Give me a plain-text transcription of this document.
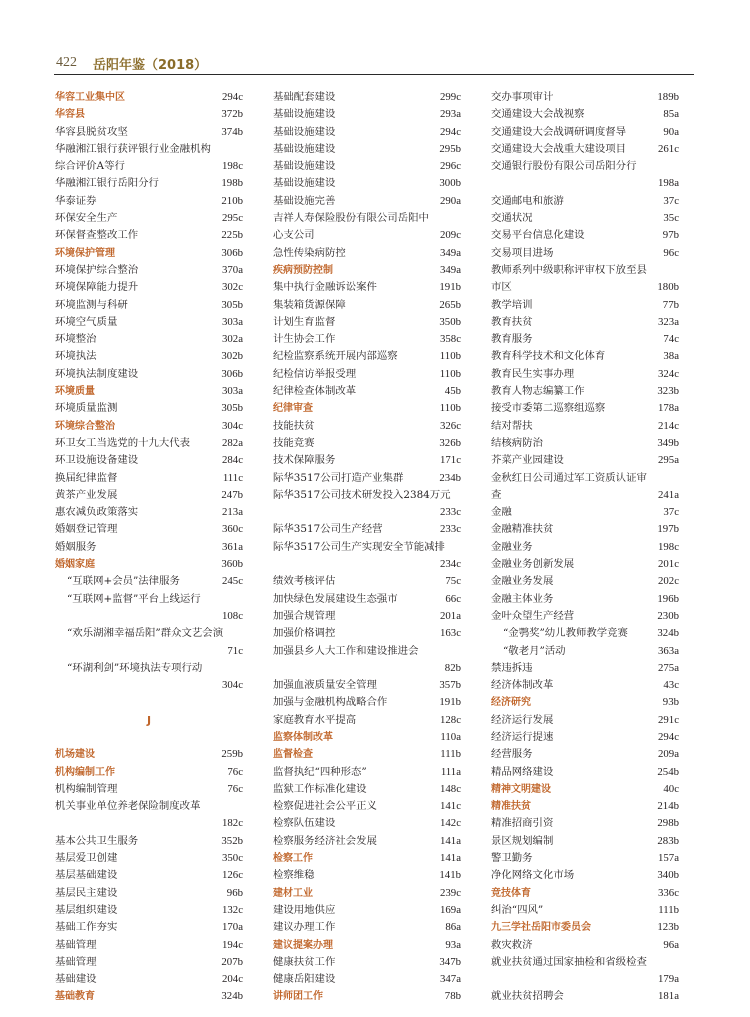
422 岳阳年鉴（2018）
华容工业集中区	294c
华容县	372b
华容县脱贫攻坚	374b
华融湘江银行获评银行业金融机构
综合评价A等行	198c
华融湘江银行岳阳分行	198b
华泰证券	210b
环保安全生产	295c
环保督查整改工作	225b
环境保护管理	306b
环境保护综合整治	370a
环境保障能力提升	302c
环境监测与科研	305b
环境空气质量	303a
环境整治	302a
环境执法	302b
环境执法制度建设	306b
环境质量	303a
环境质量监测	305b
环境综合整治	304c
环卫女工当选党的十九大代表	282a
环卫设施设备建设	284c
换届纪律监督	111c
黄茶产业发展	247b
惠农减负政策落实	213a
婚姻登记管理	360c
婚姻服务	361a
婚姻家庭	360b
“互联网+会员”法律服务	245c
“互联网+监督”平台上线运行
108c
“欢乐湖湘幸福岳阳”群众文艺会演
71c
“环湖利剑”环境执法专项行动
304c
J
机场建设	259b
机构编制工作	76c
机构编制管理	76c
机关事业单位养老保险制度改革
182c
基本公共卫生服务	352b
基层爱卫创建	350c
基层基础建设	126c
基层民主建设	96b
基层组织建设	132c
基础工作夯实	170a
基础管理	194c
基础管理	207b
基础建设	204c
基础教育	324b
基础配套建设	299c
基础设施建设	293a
基础设施建设	294c
基础设施建设	295b
基础设施建设	296c
基础设施建设	300b
基础设施完善	290a
吉祥人寿保险股份有限公司岳阳中
心支公司	209c
急性传染病防控	349a
疾病预防控制	349a
集中执行金融诉讼案件	191b
集装箱货源保障	265b
计划生育监督	350b
计生协会工作	358c
纪检监察系统开展内部巡察	110b
纪检信访举报受理	110b
纪律检查体制改革	45b
纪律审查	110b
技能扶贫	326c
技能竞赛	326b
技术保障服务	171c
际华3517公司打造产业集群	234b
际华3517公司技术研发投入2384万元
233c
际华3517公司生产经营	233c
际华3517公司生产实现安全节能减排
234c
绩效考核评估	75c
加快绿色发展建设生态强市	66c
加强合规管理	201a
加强价格调控	163c
加强县乡人大工作和建设推进会
82b
加强血液质量安全管理	357b
加强与金融机构战略合作	191b
家庭教育水平提高	128c
监察体制改革	110a
监督检查	111b
监督执纪“四种形态”	111a
监狱工作标准化建设	148c
检察促进社会公平正义	141c
检察队伍建设	142c
检察服务经济社会发展	141a
检察工作	141a
检察维稳	141b
建材工业	239c
建设用地供应	169a
建议办理工作	86a
建议提案办理	93a
健康扶贫工作	347b
健康岳阳建设	347a
讲师团工作	78b
交办事项审计	189b
交通建设大会战视察	85a
交通建设大会战调研调度督导	90a
交通建设大会战重大建设项目	261c
交通银行股份有限公司岳阳分行
198a
交通邮电和旅游	37c
交通状况	35c
交易平台信息化建设	97b
交易项目进场	96c
教师系列中级职称评审权下放至县
市区	180b
教学培训	77b
教育扶贫	323a
教育服务	74c
教育科学技术和文化体育	38a
教育民生实事办理	324c
教育人物志编纂工作	323b
接受市委第二巡察组巡察	178a
结对帮扶	214c
结核病防治	349b
芥菜产业园建设	295a
金秋红日公司通过军工资质认证审
查	241a
金融	37c
金融精准扶贫	197b
金融业务	198c
金融业务创新发展	201c
金融业务发展	202c
金融主体业务	196b
金叶众望生产经营	230b
“金鹗奖”幼儿教师教学竞赛	324b
“敬老月”活动	363a
禁违拆违	275a
经济体制改革	43c
经济研究	93b
经济运行发展	291c
经济运行提速	294c
经营服务	209a
精品网络建设	254b
精神文明建设	40c
精准扶贫	214b
精准招商引资	298b
景区规划编制	283b
警卫勤务	157a
净化网络文化市场	340b
竞技体育	336c
纠治“四风”	111b
九三学社岳阳市委员会	123b
救灾救济	96a
就业扶贫通过国家抽检和省级检查
179a
就业扶贫招聘会	181a
